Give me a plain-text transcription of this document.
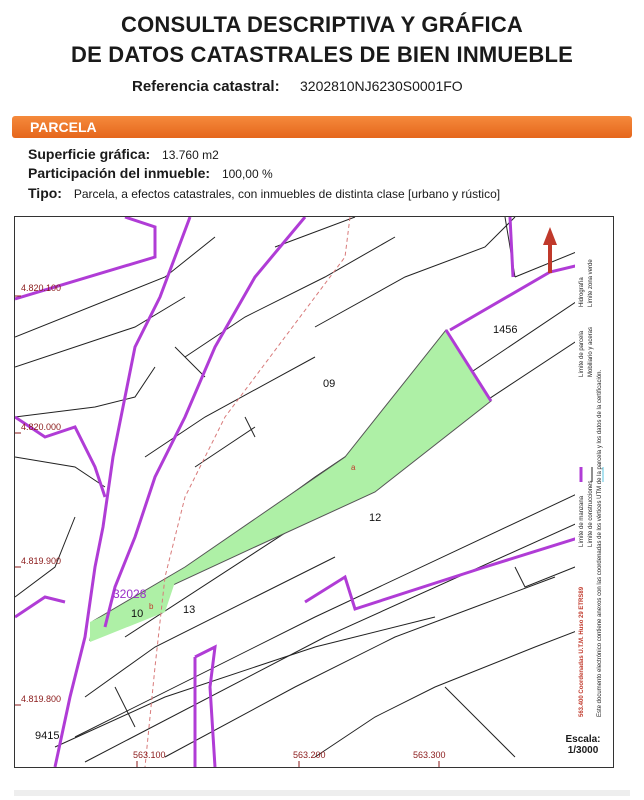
CONSULTA DESCRIPTIVA Y GRÁFICA
DE DATOS CATASTRALES DE BIEN INMUEBLE
Referencia catastral: 3202810NJ6230S0001FO
PARCELA
Superficie gráfica: 13.760 m2
Participación del inmueble: 100,00 %
Tipo: Parcela, a efectos catastrales, con inmuebles de distinta clase [urbano y rústico]
4.820.100
4.820.000
4.819.900
4.819.800
563.100	563.200	563.300
1456
09
12
10	13
9415
32028
a
b
Límite de manzana
Límite de parcela
Límite de construcciones
Mobiliario y aceras
Hidrografía Límite zona verde
563.400 Coordenadas U.T.M. Huso 29 ETRS89 Este documento electrónico contiene anexos con las coordenadas de los vértices UTM de la parcela y los datos de la certificación.
Escala:
1/3000
